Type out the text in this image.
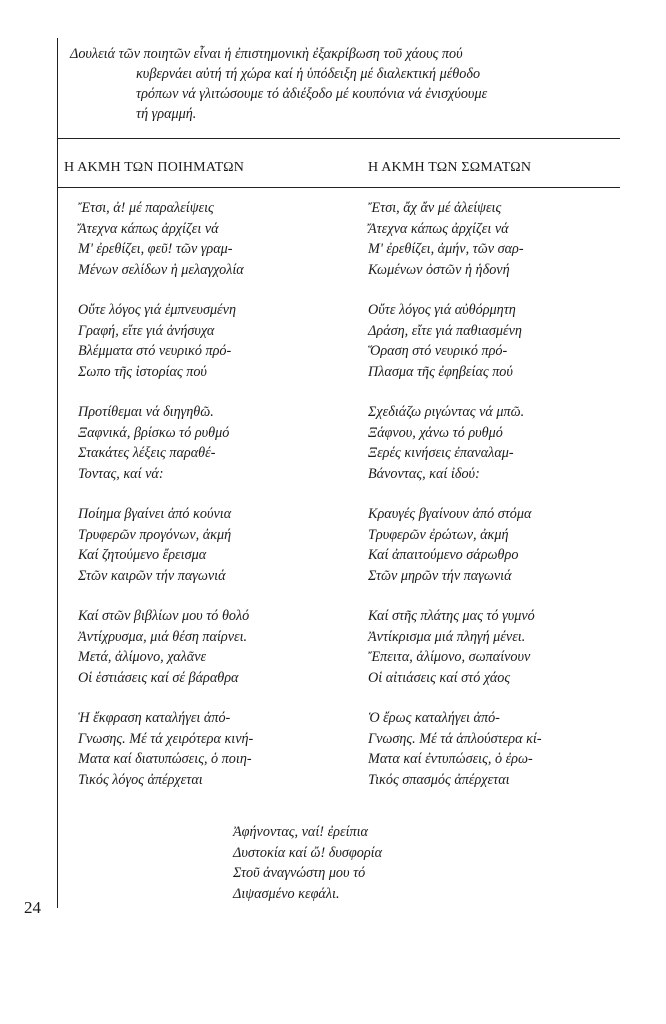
Δουλειά τῶν ποιητῶν εἶναι ἡ ἐπιστημονικὴ ἐξακρίβωση τοῦ χάους πού
κυβερνάει αὐτή τή χώρα καί ἡ ὑπόδειξη μέ διαλεκτική μέθοδο
τρόπων νά γλιτώσουμε τό ἀδιέξοδο μέ κουπόνια νά ἐνισχύουμε
τή γραμμή.
Η ΑΚΜΗ ΤΩΝ ΠΟΙΗΜΑΤΩΝ	Η ΑΚΜΗ ΤΩΝ ΣΩΜΑΤΩΝ
Ἔτσι, ἀ! μέ παραλείψεις
Ἄτεχνα κάπως ἀρχίζει νά
Μ' ἐρεθίζει, φεῦ! τῶν γραμ-
Μένων σελίδων ἡ μελαγχολία
Οὔτε λόγος γιά ἐμπνευσμένη
Γραφή, εἴτε γιά ἀνήσυχα
Βλέμματα στό νευρικό πρό-
Σωπο τῆς ἱστορίας πού
Προτίθεμαι νά διηγηθῶ.
Ξαφνικά, βρίσκω τό ρυθμό
Στακάτες λέξεις παραθέ-
Τοντας, καί νά:
Ποίημα βγαίνει ἀπό κούνια
Τρυφερῶν προγόνων, ἀκμή
Καί ζητούμενο ἔρεισμα
Στῶν καιρῶν τήν παγωνιά
Καί στῶν βιβλίων μου τό θολό
Ἀντίχρυσμα, μιά θέση παίρνει.
Μετά, ἀλίμονο, χαλᾶνε
Οἱ ἑστιάσεις καί σέ βάραθρα
Ἡ ἔκφραση καταλήγει ἀπό-
Γνωσης. Μέ τά χειρότερα κινή-
Ματα καί διατυπώσεις, ὁ ποιη-
Τικός λόγος ἀπέρχεται
Ἔτσι, ἄχ ἄν μέ ἀλείψεις
Ἄτεχνα κάπως ἀρχίζει νά
Μ' ἐρεθίζει, ἀμήν, τῶν σαρ-
Κωμένων ὀστῶν ἡ ἡδονή
Οὔτε λόγος γιά αὐθόρμητη
Δράση, εἴτε γιά παθιασμένη
Ὅραση στό νευρικό πρό-
Πλασμα τῆς ἐφηβείας πού
Σχεδιάζω ριγώντας νά μπῶ.
Ξάφνου, χάνω τό ρυθμό
Ξερές κινήσεις ἐπαναλαμ-
Βάνοντας, καί ἰδού:
Κραυγές βγαίνουν ἀπό στόμα
Τρυφερῶν ἐρώτων, ἀκμή
Καί ἀπαιτούμενο σάρωθρο
Στῶν μηρῶν τήν παγωνιά
Καί στῆς πλάτης μας τό γυμνό
Ἀντίκρισμα μιά πληγή μένει.
Ἔπειτα, ἀλίμονο, σωπαίνουν
Οἱ αἰτιάσεις καί στό χάος
Ὁ ἔρως καταλήγει ἀπό-
Γνωσης. Μέ τά ἁπλούστερα κί-
Ματα καί ἐντυπώσεις, ὁ ἐρω-
Τικός σπασμός ἀπέρχεται
Ἀφήνοντας, ναί! ἐρείπια
Δυστοκία καί ὤ! δυσφορία
Στοῦ ἀναγνώστη μου τό
Διψασμένο κεφάλι.
24
